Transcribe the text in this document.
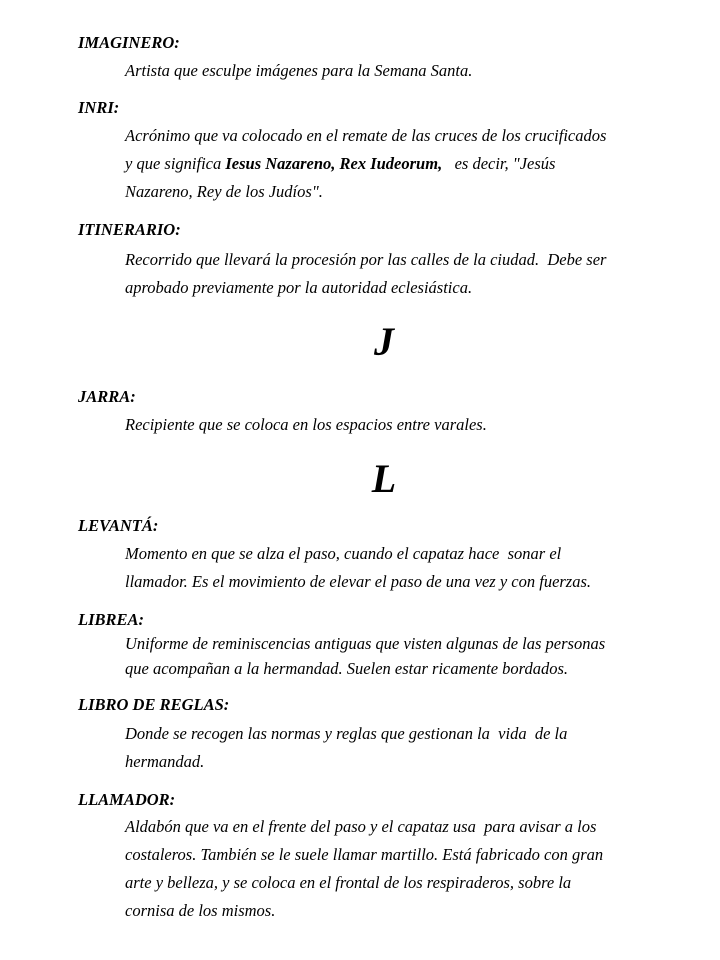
IMAGINERO:
Artista que esculpe imágenes para la Semana Santa.
INRI:
Acrónimo que va colocado en el remate de las cruces de los crucificados
y que significa Iesus Nazareno, Rex Iudeorum,   es decir, "Jesús
Nazareno, Rey de los Judíos".
ITINERARIO:
Recorrido que llevará la procesión por las calles de la ciudad.  Debe ser
aprobado previamente por la autoridad eclesiástica.
J
JARRA:
Recipiente que se coloca en los espacios entre varales.
L
LEVANTÁ:
Momento en que se alza el paso, cuando el capataz hace  sonar el
llamador. Es el movimiento de elevar el paso de una vez y con fuerzas.
LIBREA:
Uniforme de reminiscencias antiguas que visten algunas de las personas
que acompañan a la hermandad. Suelen estar ricamente bordados.
LIBRO DE REGLAS:
Donde se recogen las normas y reglas que gestionan la  vida  de la
hermandad.
LLAMADOR:
Aldabón que va en el frente del paso y el capataz usa  para avisar a los
costaleros. También se le suele llamar martillo. Está fabricado con gran
arte y belleza, y se coloca en el frontal de los respiraderos, sobre la
cornisa de los mismos.
